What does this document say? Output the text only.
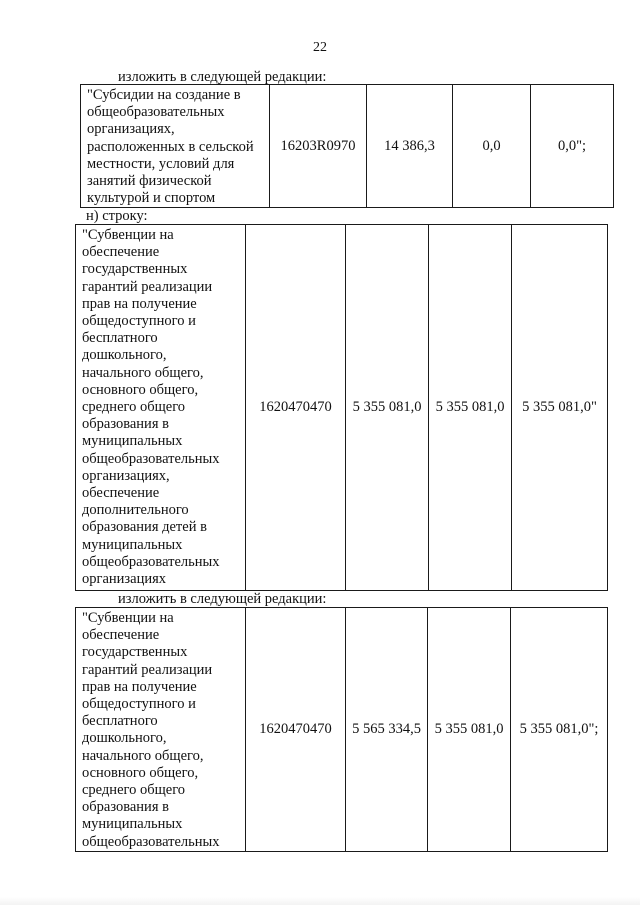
22
изложить в следующей редакции:
"Субсидии на создание в
общеобразовательных
организациях,
расположенных в сельской
местности, условий для
занятий физической
культурой и спортом
	16203R0970	14 386,3	0,0	0,0";
н) строку:
"Субвенции на
обеспечение
государственных
гарантий реализации
прав на получение
общедоступного и
бесплатного
дошкольного,
начального общего,
основного общего,
среднего общего
образования в
муниципальных
общеобразовательных
организациях,
обеспечение
дополнительного
образования детей в
муниципальных
общеобразовательных
организациях
	1620470470	5 355 081,0	5 355 081,0	5 355 081,0"
изложить в следующей редакции:
"Субвенции на
обеспечение
государственных
гарантий реализации
прав на получение
общедоступного и
бесплатного
дошкольного,
начального общего,
основного общего,
среднего общего
образования в
муниципальных
общеобразовательных
	1620470470	5 565 334,5	5 355 081,0	5 355 081,0";
